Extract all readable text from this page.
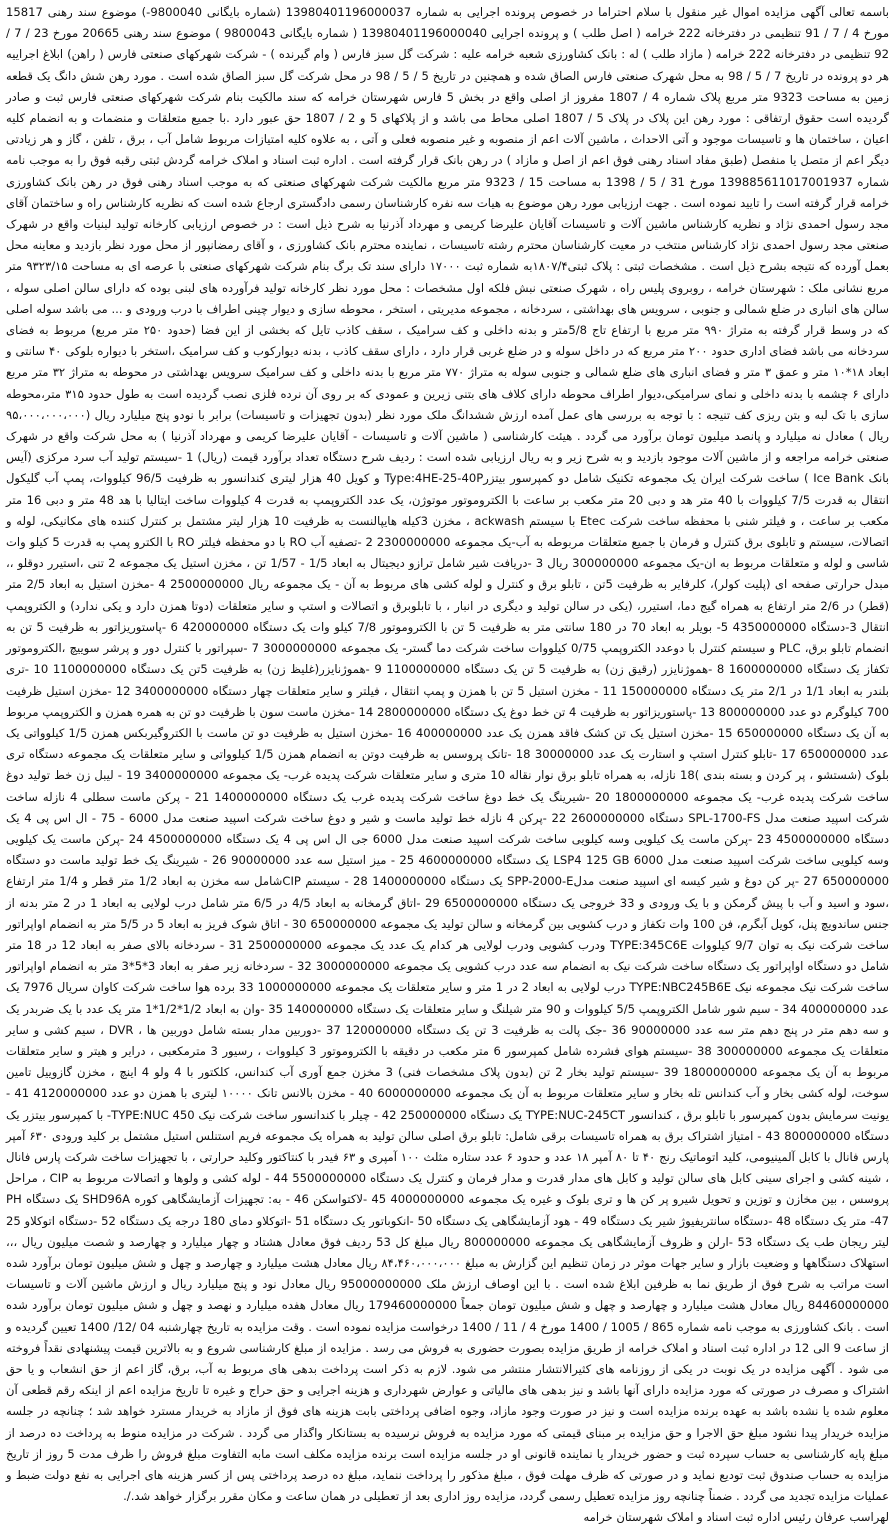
باسمه تعالی آگهی مزایده اموال غیر منقول با سلام احتراما در خصوص پرونده اجرایی به شماره 13980401196000037 (شماره بایگانی 9800040-) موضوع سند رهنی 15817 مورخ 4 / 7 / 91 تنظیمی در دفترخانه 222 خرامه ( اصل طلب ) و پرونده اجرایی 13980401196000040 ( شماره بایگانی 9800043 ) موضوع سند رهنی 20665 مورخ 23 / 7 / 92 تنظیمی در دفترخانه 222 خرامه ( مازاد طلب ) له : بانک کشاورزی شعبه خرامه علیه : شرکت گل سبز فارس ( وام گیرنده ) - شرکت شهرکهای صنعتی فارس ( راهن) ابلاغ اجراییه هر دو پرونده در تاریخ 7 / 5 / 98 به محل شهرک صنعتی فارس الصاق شده و همچنین در تاریخ 5 / 5 / 98 در محل شرکت گل سبز الصاق شده است . مورد رهن شش دانگ یک قطعه زمین به مساحت 9323 متر مربع پلاک شماره 4 / 1807 مفروز از اصلی واقع در بخش 5 فارس شهرستان خرامه که سند مالکیت بنام شرکت شهرکهای صنعتی فارس ثبت و صادر گردیده است حقوق ارتفاقی : مورد رهن این پلاک در پلاک 5 / 1807 اصلی محاط می باشد و از پلاکهای 5 و 2 / 1807 حق عبور دارد .با جمیع متعلقات و منضمات و به انضمام کلیه اعیان ، ساختمان ها و تاسیسات موجود و آتی الاحداث ، ماشین آلات اعم از منصوبه و غیر منصوبه فعلی و آتی ، به علاوه کلیه امتیازات مربوط شامل آب ، برق ، تلفن ، گاز و هر زیادتی دیگر اعم از متصل یا منفصل (طبق مفاد اسناد رهنی فوق اعم از اصل و مازاد ) در رهن بانک قرار گرفته است . اداره ثبت اسناد و املاک خرامه گردش ثبتی رقبه فوق را به موجب نامه شماره 139885611017001937 مورخ 31 / 5 / 1398 به مساحت 15 / 9323 متر مربع مالکیت شرکت شهرکهای صنعتی که به موجب اسناد رهنی فوق در رهن بانک کشاورزی خرامه قرار گرفته است را تایید نموده است . جهت ارزیابی مورد رهن موضوع به هیات سه نفره کارشناسان رسمی دادگستری ارجاع شده است که نظریه کارشناس راه و ساختمان آقای مجد رسول احمدی نژاد و نظریه کارشناس ماشین آلات و تاسیسات آقایان علیرضا کریمی و مهرداد آذرنیا به شرح ذیل است : در خصوص ارزیابی کارخانه تولید لبنیات واقع در شهرک صنعتی مجد رسول احمدی نژاد کارشناس منتخب در معیت کارشناسان محترم رشته تاسیسات ، نماینده محترم بانک کشاورزی ، و آقای رمضانپور از محل مورد نظر بازدید و معاینه محل بعمل آورده که نتیجه بشرح ذیل است . مشخصات ثبتی : پلاک ثبتی۱۸۰۷/۴به شماره ثبت ۱۷۰۰۰ دارای سند تک برگ بنام شرکت شهرکهای صنعتی با عرصه ای به مساحت ۹۳۲۳/۱۵ متر مربع نشانی ملک : شهرستان خرامه ، روبروی پلیس راه ، شهرک صنعتی نبش فلکه اول مشخصات : محل مورد نظر کارخانه تولید فرآورده های لبنی بوده که دارای سالن اصلی سوله ، سالن های انباری در ضلع شمالی و جنوبی ، سرویس های بهداشتی ، سردخانه ، مجموعه مدیریتی ، استخر ، محوطه سازی و دیوار چینی اطراف با درب ورودی و ... می باشد سوله اصلی که در وسط قرار گرفته به متراژ ۹۹۰ متر مربع با ارتفاع تاج 5/8متر و بدنه داخلی و کف سرامیک ، سقف کاذب تایل که بخشی از این فضا (حدود ۲۵۰ متر مربع) مربوط به فضای سردخانه می باشد فضای اداری حدود ۲۰۰ متر مربع که در داخل سوله و در ضلع غربی قرار دارد ، دارای سقف کاذب ، بدنه دیوارکوب و کف سرامیک ،استخر با دیواره بلوکی ۴۰ سانتی و ابعاد ۱۸*۱۰ متر و عمق ۳ متر و فضای انباری های ضلع شمالی و جنوبی سوله به متراژ ۷۷۰ متر مربع با بدنه داخلی و کف سرامیک سرویس بهداشتی در محوطه به متراژ ۳۲ متر مربع دارای ۶ چشمه با بدنه داخلی و نمای سرامیکی،دیوار اطراف محوطه دارای کلاف های بتنی زیرین و عمودی که بر روی آن نرده فلزی نصب گردیده است به طول حدود ۳۱۵ متر،محوطه سازی با تک لبه و بتن ریزی کف تنیجه : با توجه به بررسی های عمل آمده ارزش ششدانگ ملک مورد نظر (بدون تجهیزات و تاسیسات) برابر با نودو پنج میلیارد ریال (۹۵،۰۰۰،۰۰۰،۰۰۰ ریال ) معادل نه میلیارد و پانصد میلیون تومان برآورد می گردد . هیئت کارشناسی ( ماشین آلات و تاسیسات - آقایان علیرضا کریمی و مهرداد آذرنیا ) به محل شرکت واقع در شهرک صنعتی خرامه مراجعه و از ماشین آلات موجود بازدید و به شرح زیر و به ریال ارزیابی شده است : ردیف شرح دستگاه تعداد برآورد قیمت (ریال) 1 -سیستم تولید آب سرد مرکزی (آیس بانک Ice Bank ) ساخت شرکت ایران یک مجموعه تکنیک شامل دو کمپرسور بیتزرType:4HE-25-40P و کویل 40 هزار لیتری کندانسور به ظرفیت 96/5 کیلووات، پمپ آب گلیکول انتقال به قدرت 7/5 کیلووات با 40 متر هد و دبی 20 متر مکعب بر ساعت با الکتروموتور موتوژن، یک عدد الکتروپمپ به قدرت 4 کیلووات ساخت ایتالیا با هد 48 متر و دبی 16 متر مکعب بر ساعت ، و فیلتر شنی با محفظه ساخت شرکت Etec با سیستم ackwash ، مخزن 3کیله هایپالنست به ظرفیت 10 هزار لیتر مشتمل بر کنترل کننده های مکانیکی، لوله و اتصالات، سیستم و تابلوی برق کنترل و فرمان با جمیع متعلقات مربوطه به آب-یک مجموعه 2300000000 2 -تصفیه آب RO با دو محفظه فیلتر RO با الکترو پمپ به قدرت 5 کیلو وات شاسی و لوله و متعلقات مربوط به ان-یک مجموعه 300000000 ریال 3 -دریافت شیر شامل ترازو دیجیتال به ابعاد 1/5 - 1/57 تن ، مخزن استیل یک مجموعه 2 تنی ،استیرر دوقلو ،، مبدل حرارتی صفحه ای (پلیت کولر)، کلرفایر به ظرفیت 5تن ، تابلو برق و کنترل و لوله کشی های مربوط به آن - یک مجموعه ریال 2500000000 4 -مخزن استیل به ابعاد 2/5 متر (قطر) در 2/6 متر ارتفاع به همراه گیج دما، استیرر، (یکی در سالن تولید و دیگری در انبار ، با تابلوبرق و اتصالات و استپ و سایر متعلقات (دوتا همزن دارد و یکی ندارد) و الکتروپمپ انتقال 3-دستگاه 4350000000 5- بویلر به ابعاد 70 در 180 سانتی متر به ظرفیت 5 تن با الکتروموتور 7/8 کیلو وات یک دستگاه 420000000 6 -پاستوریزاتور به ظرفیت 5 تن به انضمام تابلو برق، PLC و سیستم کنترل با دوعدد الکتروپمپ 0/75 کیلووات ساخت شرکت دما گستر- یک مجموعه 3000000000 7 -سپراتور با کنترل دور و پرشر سوییچ ،الکتروموتور تکفاز یک دستگاه 1600000000 8 -هموژنایزر (رقیق زن) به ظرفیت 5 تن یک دستگاه 1100000000 9 -هموژنایزر(غلیظ زن) به ظرفیت 5تن یک دستگاه 1100000000 10 -تری بلندر به ابعاد 1/1 در 2/1 متر یک دستگاه 150000000 11 - مخزن استیل 5 تن با همزن و پمپ انتقال ، فیلتر و سایر متعلقات چهار دستگاه 3400000000 12 -مخزن استیل ظرفیت 700 کیلوگرم دو عدد 800000000 13 -پاستوریزاتور به ظرفیت 4 تن خط دوغ یک دستگاه 2800000000 14 -مخزن ماست سون با ظرفیت دو تن به همره همزن و الکتروپمپ مربوط به آن یک دستگاه 650000000 15 -مخزن استیل یک تن کشک فاقد همزن یک عدد 400000000 16 -مخزن استیل به ظرفیت دو تن ماست با الکتروگیربکس همزن 1/5 کیلوواتی یک عدد 650000000 17 -تابلو کنترل استپ و استارت یک عدد 30000000 18 -تانک پروسس به ظرفیت دوتن به انضمام همزن 1/5 کیلوواتی و سایر متعلقات یک مجموعه دستگاه تری بلوک (شستشو ، پر کردن و بسته بندی )18 نازله، به همراه تابلو برق نوار نقاله 10 متری و سایر متعلقات شرکت پدیده غرب- یک مجموعه 3400000000 19 - لیبل زن خط تولید دوغ ساخت شرکت پدیده غرب- یک مجموعه 1800000000 20 -شیرینگ یک خط دوغ ساخت شرکت پدیده غرب یک دستگاه 1400000000 21 - پرکن ماست سطلی 4 نازله ساخت شرکت اسپید صنعت مدل SPL-1700-FS دستگاه 2600000000 22 -پرکن 4 نازله خط تولید ماست و شیر و دوغ ساخت شرکت اسپید صنعت مدل 6000 - 75 - ال اس پی 4 یک دستگاه 4500000000 23 -پرکن ماست یک کیلویی وسه کیلویی ساخت شرکت اسپید صنعت مدل 6000 جی ال اس پی 4 یک دستگاه 4500000000 24 -پرکن ماست یک کیلویی وسه کیلویی ساخت شرکت اسپید صنعت مدل LSP4 125 GB 6000 یک دستگاه 4600000000 25 - میز استیل سه عدد 90000000 26 - شیرینگ یک خط تولید ماست دو دستگاه 650000000 27 -پر کن دوغ و شیر کیسه ای اسپید صنعت مدلSPP-2000-E یک دستگاه 1400000000 28 - سیستم CIPشامل سه مخزن به ابعاد 1/2 متر قطر و 1/4 متر ارتفاع ،سود و اسید و آب با پیش گرمکن و با یک ورودی و 33 خروجی یک دستگاه 6500000000 29 -اتاق گرمخانه به ابعاد 4/5 در 6/5 متر شامل درب لولایی به ابعاد 1 در 2 متر بدنه از جنس ساندویچ پنل، کویل آبگرم، فن 100 وات تکفاز و درب کشویی بین گرمخانه و سالن تولید یک مجموعه 650000000 30 - اتاق شوک فریز به ابعاد 5 در 5/5 متر به انضمام اواپراتور ساخت شرکت نیک به توان 9/7 کیلووات TYPE:345C6E ودرب کشویی ودرب لولایی هر کدام یک عدد یک مجموعه 2500000000 31 - سردخانه بالای صفر به ابعاد 12 در 18 متر شامل دو دستگاه اواپراتور یک دستگاه ساخت شرکت نیک به انضمام سه عدد درب کشویی یک مجموعه 3000000000 32 - سردخانه زیر صفر به ابعاد 3*5*3 متر به انضمام اواپراتور ساخت شرکت نیک مجموعه نیک TYPE:NBC245B6E درب لولایی به ابعاد 2 در 1 متر و سایر متعلقات یک مجموعه 1000000000 33 برده هوا ساخت شرکت کاوان سریال 7976 یک عدد 400000000 34 - سیم شور شامل الکتروپمپ 5/5 کیلووات و 90 متر شیلنگ و سایر متعلقات یک دستگاه 140000000 35 -وان به ابعاد 1/2*1/2*1 متر یک عدد با یک ضربدر یک و سه دهم متر در پنج دهم متر سه عدد 90000000 36 -جک پالت به ظرفیت 3 تن یک دستگاه 120000000 37 -دوربین مدار بسته شامل دوربین ها ، DVR ، سیم کشی و سایر متعلقات یک مجموعه 300000000 38 -سیستم هوای فشرده شامل کمپرسور 6 متر مکعب در دقیقه با الکتروموتور 3 کیلووات ، رسیور 3 مترمکعبی ، درایر و هیتر و سایر متعلقات مربوط به آن یک مجموعه 1800000000 39 -سیستم تولید بخار 2 تن (بدون پلاک مشخصات فنی) 3 مخزن جمع آوری آب کندانس، کلکتور با 4 ولو 4 اینچ ، مخزن گازوییل تامین سوخت، لوله کشی بخار و آب کندانس تله بخار و سایر متعلقات مربوط به آن یک مجموعه 6000000000 40 - مخزن بالانس تانک ۱۰۰۰۰ لیتری با همزن دو عدد 4120000000 41 - یونیت سرمایش بدون کمپرسور با تابلو برق ، کندانسور TYPE:NUC-245CT یک دستگاه 250000000 42 - چیلر با کندانسور ساخت شرکت نیک TYPE:NUC 450- با کمپرسور بیتزر یک دستگاه 800000000 43 - امتیاز اشتراک برق به همراه تاسیسات برقی شامل: تابلو برق اصلی سالن تولید به همراه یک مجموعه فریم استنلس استیل مشتمل بر کلید ورودی ۶۳۰ آمپر پارس فانال با کابل آلمینیومی، کلید اتوماتیک رنج ۴۰ تا ۸۰ آمپر ۱۸ عدد و حدود ۶ عدد ستاره مثلث ۱۰۰ آمپری و ۶۳ فیدر با کنتاکتور وکلید حرارتی ، با تجهیزات ساخت شرکت پارس فانال ، شینه کشی و اجرای سینی کابل های سالن تولید و کابل های مدار قدرت و مدار فرمان و کنترل یک دستگاه 5500000000 44 - لوله کشی و ولوها و اتصالات مربوط به CIP ، مراحل پروسس ، بین مخازن و توزین و تحویل شیرو پر کن ها و تری بلوک و غیره یک مجموعه 4000000000 45 -لاکتواسکن 46 - به: تجهیزات آزمایشگاهی کوره SHD96A یک دستگاه PH -47 متر یک دستگاه 48 -دستگاه سانتریفیوژ شیر یک دستگاه 49 - هود آزمایشگاهی یک دستگاه 50 -انکوباتور یک دستگاه 51 -اتوکلاو دمای 180 درجه یک دستگاه 52 -دستگاه اتوکلاو 25 لیتر ریجان طب یک دستگاه 53 -ارلن و ظروف آزمایشگاهی یک مجموعه 800000000 ریال مبلغ کل 53 ردیف فوق معادل هشتاد و چهار میلیارد و چهارصد و شصت میلیون ریال ،،، استهلاک دستگاهها و وضعیت بازار و سایر جهات موثر در زمان تنظیم این گزارش به مبلغ ۸۴،۴۶۰،۰۰۰،۰۰۰ ریال معادل هشت میلیارد و چهارصد و چهل و شش میلیون تومان برآورد شده است مراتب به شرح فوق از طریق نما به ظرفین ابلاغ شده است . با این اوصاف ارزش ملک 95000000000 ریال معادل نود و پنج میلیارد ریال و ارزش ماشین آلات و تاسیسات 84460000000 ریال معادل هشت میلیارد و چهارصد و چهل و شش میلیون تومان جمعاً 179460000000 ریال معادل هفده میلیارد و نهصد و چهل و شش میلیون تومان برآورد شده است . بانک کشاورزی به موجب نامه شماره 865 / 1005 / 1400 مورخ 4 / 11 / 1400 درخواست مزایده نموده است . وقت مزایده به تاریخ چهارشنبه 04 /12/ 1400 تعیین گردیده و از ساعت 9 الی 12 در اداره ثبت اسناد و املاک خرامه از طریق مزایده بصورت حضوری به فروش می رسد . مزایده از مبلغ کارشناسی شروع و به بالاترین قیمت پیشنهادی نقداً فروخته می شود . آگهی مزایده در یک نوبت در یکی از روزنامه های کثیرالانتشار منتشر می شود. لازم به ذکر است پرداخت بدهی های مربوط به آب، برق، گاز اعم از حق انشعاب و یا حق اشتراک و مصرف در صورتی که مورد مزایده دارای آنها باشد و نیز بدهی های مالیاتی و عوارض شهرداری و هزینه اجرایی و حق حراج و غیره تا تاریخ مزایده اعم از اینکه رقم قطعی آن معلوم شده یا نشده باشد به عهده برنده مزایده است و نیز در صورت وجود مازاد، وجوه اضافی پرداختی بابت هزینه های فوق از مازاد به خریدار مسترد خواهد شد ؛ چنانچه در جلسه مزایده خریدار پیدا نشود مبلغ حق الاجرا و حق مزایده بر مبنای قیمتی که مورد مزایده به فروش نرسیده به بستانکار واگذار می گردد . شرکت در مزایده منوط به پرداخت ده درصد از مبلغ پایه کارشناسی به حساب سپرده ثبت و حضور خریدار یا نماینده قانونی او در جلسه مزایده است برنده مزایده مکلف است مابه التفاوت مبلغ فروش را ظرف مدت 5 روز از تاریخ مزایده به حساب صندوق ثبت تودیع نماید و در صورتی که ظرف مهلت فوق ، مبلغ مذکور را پرداخت ننماید، مبلغ ده درصد پرداختی پس از کسر هزینه های اجرایی به نفع دولت ضبط و عملیات مزایده تجدید می گردد . ضمناً چنانچه روز مزایده تعطیل رسمی گردد، مزایده روز اداری بعد از تعطیلی در همان ساعت و مکان مقرر برگزار خواهد شد./.

لهراسب عرفان رئیس اداره ثبت اسناد و املاک شهرستان خرامه
